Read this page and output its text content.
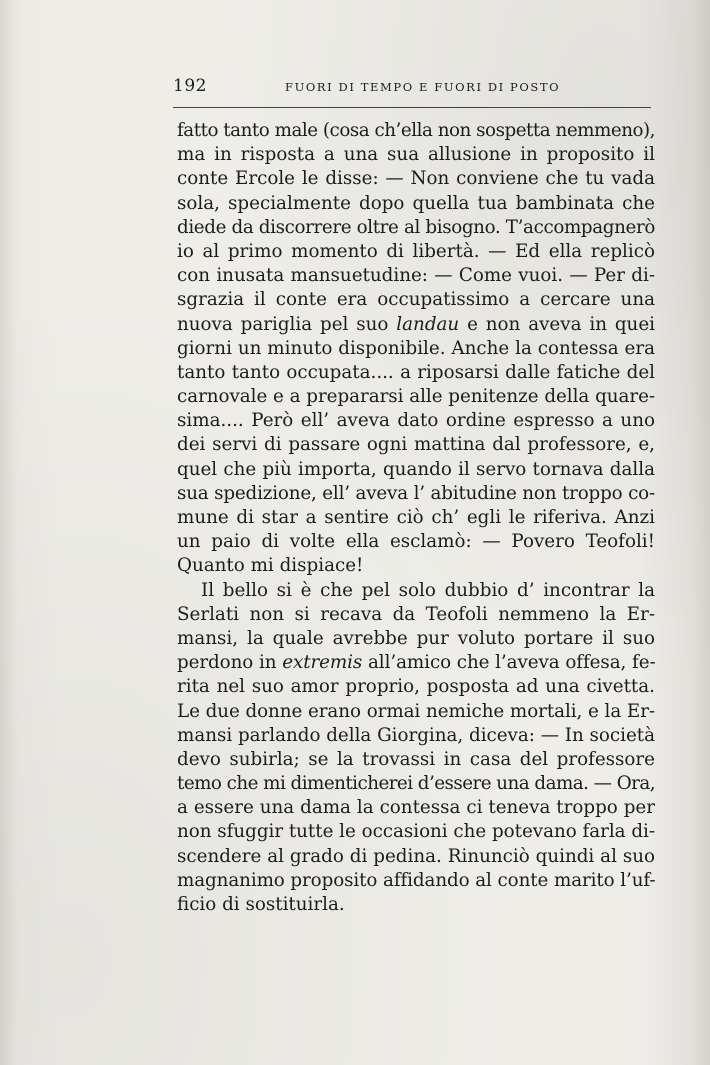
192	FUORI DI TEMPO E FUORI DI POSTO
fatto tanto male (cosa ch’ella non sospetta nemmeno),
ma in risposta a una sua allusione in proposito il
conte Ercole le disse: — Non conviene che tu vada
sola, specialmente dopo quella tua bambinata che
diede da discorrere oltre al bisogno. T’accompagnerò
io al primo momento di libertà. — Ed ella replicò
con inusata mansuetudine: — Come vuoi. — Per di-
sgrazia il conte era occupatissimo a cercare una
nuova pariglia pel suo landau e non aveva in quei
giorni un minuto disponibile. Anche la contessa era
tanto tanto occupata.... a riposarsi dalle fatiche del
carnovale e a prepararsi alle penitenze della quare-
sima.... Però ell’ aveva dato ordine espresso a uno
dei servi di passare ogni mattina dal professore, e,
quel che più importa, quando il servo tornava dalla
sua spedizione, ell’ aveva l’ abitudine non troppo co-
mune di star a sentire ciò ch’ egli le riferiva. Anzi
un paio di volte ella esclamò: — Povero Teofoli!
Quanto mi dispiace!
Il bello si è che pel solo dubbio d’ incontrar la
Serlati non si recava da Teofoli nemmeno la Er-
mansi, la quale avrebbe pur voluto portare il suo
perdono in extremis all’amico che l’aveva offesa, fe-
rita nel suo amor proprio, posposta ad una civetta.
Le due donne erano ormai nemiche mortali, e la Er-
mansi parlando della Giorgina, diceva: — In società
devo subirla; se la trovassi in casa del professore
temo che mi dimenticherei d’essere una dama. — Ora,
a essere una dama la contessa ci teneva troppo per
non sfuggir tutte le occasioni che potevano farla di-
scendere al grado di pedina. Rinunciò quindi al suo
magnanimo proposito affidando al conte marito l’uf-
ficio di sostituirla.
